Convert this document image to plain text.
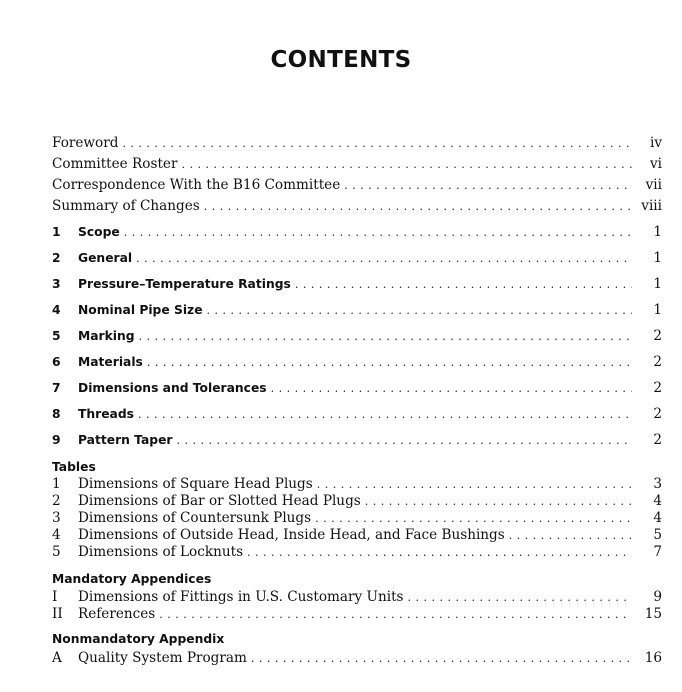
CONTENTS
Foreword . . .	iv
Committee Roster . . .	vi
Correspondence With the B16 Committee . . .	vii
Summary of Changes . . .	viii
1	Scope . . .	1
2	General . . .	1
3	Pressure–Temperature Ratings . . .	1
4	Nominal Pipe Size . . .	1
5	Marking . . .	2
6	Materials . . .	2
7	Dimensions and Tolerances . . .	2
8	Threads . . .	2
9	Pattern Taper . . .	2
Tables
1	Dimensions of Square Head Plugs . . .	3
2	Dimensions of Bar or Slotted Head Plugs . . .	4
3	Dimensions of Countersunk Plugs . . .	4
4	Dimensions of Outside Head, Inside Head, and Face Bushings . . .	5
5	Dimensions of Locknuts . . .	7
Mandatory Appendices
I	Dimensions of Fittings in U.S. Customary Units . . .	9
II	References . . .	15
Nonmandatory Appendix
A	Quality System Program . . .	16
